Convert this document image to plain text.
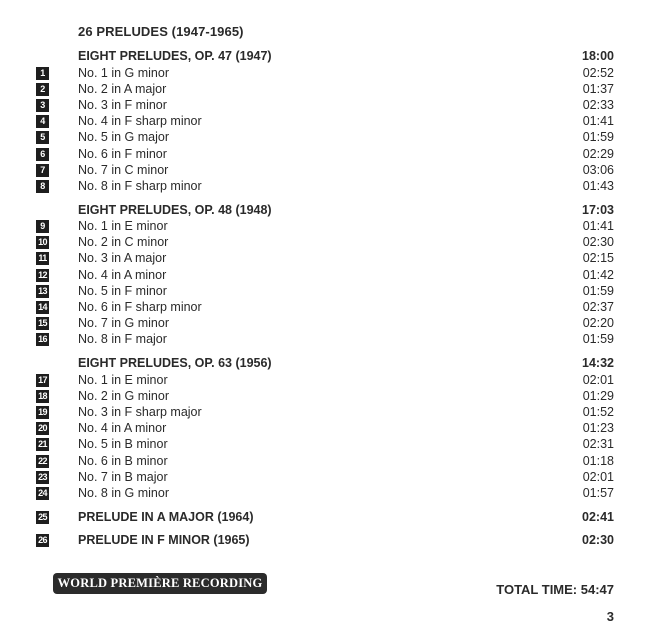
26 PRELUDES (1947-1965)
EIGHT PRELUDES, OP. 47 (1947)	18:00
1	No. 1 in G minor	02:52
2	No. 2 in A major	01:37
3	No. 3 in F minor	02:33
4	No. 4 in F sharp minor	01:41
5	No. 5 in G major	01:59
6	No. 6 in F minor	02:29
7	No. 7 in C minor	03:06
8	No. 8 in F sharp minor	01:43
EIGHT PRELUDES, OP. 48 (1948)	17:03
9	No. 1 in E minor	01:41
10 No. 2 in C minor	02:30
11	No. 3 in A major	02:15
12 No. 4 in A minor	01:42
13 No. 5 in F minor	01:59
14 No. 6 in F sharp minor	02:37
15 No. 7 in G minor	02:20
16 No. 8 in F major	01:59
EIGHT PRELUDES, OP. 63 (1956)	14:32
17 No. 1 in E minor	02:01
18 No. 2 in G minor	01:29
19 No. 3 in F sharp major	01:52
20 No. 4 in A minor	01:23
21 No. 5 in B minor	02:31
22 No. 6 in B minor	01:18
23 No. 7 in B major	02:01
24 No. 8 in G minor	01:57
25 PRELUDE IN A MAJOR (1964)	02:41
26 PRELUDE IN F MINOR (1965)	02:30
WORLD PREMIÈRE RECORDING	TOTAL TIME: 54:47
3
